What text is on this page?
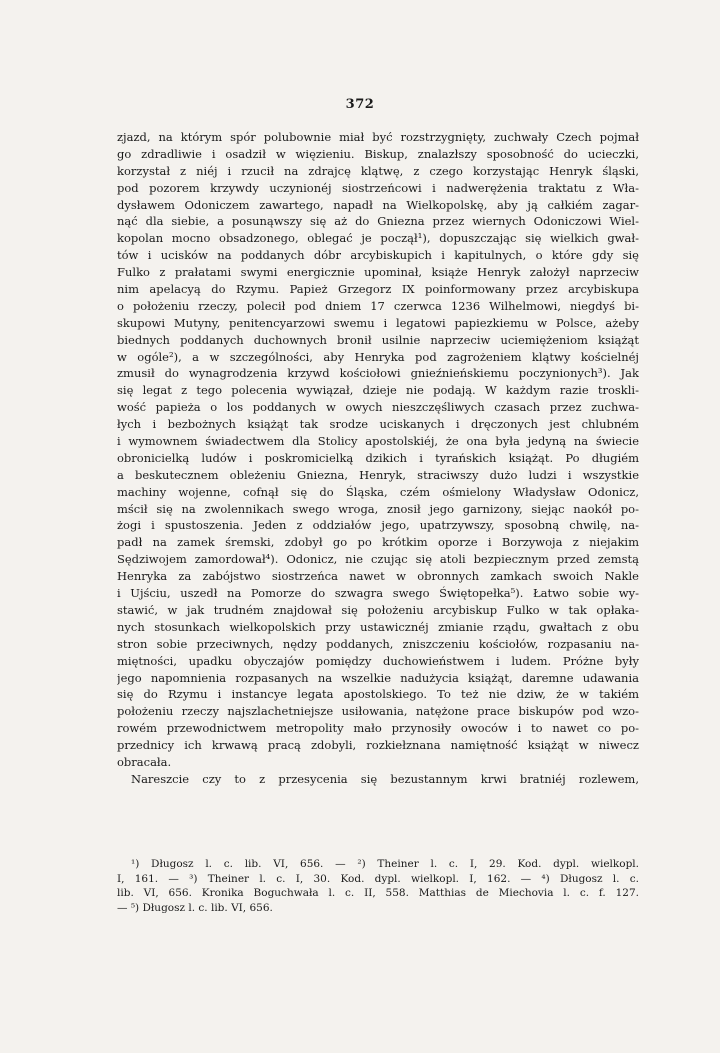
372
zjazd, na którym spór polubownie miał być rozstrzygnięty, zuchwały Czech pojmał
go zdradliwie i osadził w więzieniu. Biskup, znalazłszy sposobność do ucieczki,
korzystał z niéj i rzucił na zdrajcę klątwę, z czego korzystając Henryk śląski,
pod pozorem krzywdy uczynionéj siostrzeńcowi i nadwerężenia traktatu z Wła-
dysławem Odoniczem zawartego, napadł na Wielkopolskę, aby ją całkiém zagar-
nąć dla siebie, a posunąwszy się aż do Gniezna przez wiernych Odoniczowi Wiel-
kopolan mocno obsadzonego, oblegać je począł¹), dopuszczając się wielkich gwał-
tów i ucisków na poddanych dóbr arcybiskupich i kapitulnych, o które gdy się
Fulko z prałatami swymi energicznie upominał, książe Henryk założył naprzeciw
nim apelacyą do Rzymu. Papież Grzegorz IX poinformowany przez arcybiskupa
o położeniu rzeczy, polecił pod dniem 17 czerwca 1236 Wilhelmowi, niegdyś bi-
skupowi Mutyny, penitencyarzowi swemu i legatowi papiezkiemu w Polsce, ażeby
biednych poddanych duchownych bronił usilnie naprzeciw uciemiężeniom książąt
w ogóle²), a w szczególności, aby Henryka pod zagrożeniem klątwy kościelnéj
zmusił do wynagrodzenia krzywd kościołowi gnieźnieńskiemu poczynionych³). Jak
się legat z tego polecenia wywiązał, dzieje nie podają. W każdym razie troskli-
wość papieża o los poddanych w owych nieszczęśliwych czasach przez zuchwa-
łych i bezbożnych książąt tak srodze uciskanych i dręczonych jest chlubném
i wymownem świadectwem dla Stolicy apostolskiéj, że ona była jedyną na świecie
obronicielką ludów i poskromicielką dzikich i tyrańskich książąt. Po długiém
a beskutecznem obleżeniu Gniezna, Henryk, straciwszy dużo ludzi i wszystkie
machiny wojenne, cofnął się do Śląska, czém ośmielony Władysław Odonicz,
mścił się na zwolennikach swego wroga, znosił jego garnizony, siejąc naokół po-
żogi i spustoszenia. Jeden z oddziałów jego, upatrzywszy, sposobną chwilę, na-
padł na zamek śremski, zdobył go po krótkim oporze i Borzywoja z niejakim
Sędziwojem zamordował⁴). Odonicz, nie czując się atoli bezpiecznym przed zemstą
Henryka za zabójstwo siostrzeńca nawet w obronnych zamkach swoich Nakle
i Ujściu, uszedł na Pomorze do szwagra swego Świętopełka⁵). Łatwo sobie wy-
stawić, w jak trudném znajdował się położeniu arcybiskup Fulko w tak opłaka-
nych stosunkach wielkopolskich przy ustawicznéj zmianie rządu, gwałtach z obu
stron sobie przeciwnych, nędzy poddanych, zniszczeniu kościołów, rozpasaniu na-
miętności, upadku obyczajów pomiędzy duchowieństwem i ludem. Próżne były
jego napomnienia rozpasanych na wszelkie nadużycia książąt, daremne udawania
się do Rzymu i instancye legata apostolskiego. To też nie dziw, że w takiém
położeniu rzeczy najszlachetniejsze usiłowania, natężone prace biskupów pod wzo-
rowém przewodnictwem metropolity mało przynosiły owoców i to nawet co po-
przednicy ich krwawą pracą zdobyli, rozkiełznana namiętność książąt w niwecz
obracała.
Nareszcie czy to z przesycenia się bezustannym krwi bratniéj rozlewem,
¹) Długosz l. c. lib. VI, 656. — ²) Theiner l. c. I, 29. Kod. dypl. wielkopl.
I, 161. — ³) Theiner l. c. I, 30. Kod. dypl. wielkopl. I, 162. — ⁴) Długosz l. c.
lib. VI, 656. Kronika Boguchwała l. c. II, 558. Matthias de Miechovia l. c. f. 127.
— ⁵) Długosz l. c. lib. VI, 656.
